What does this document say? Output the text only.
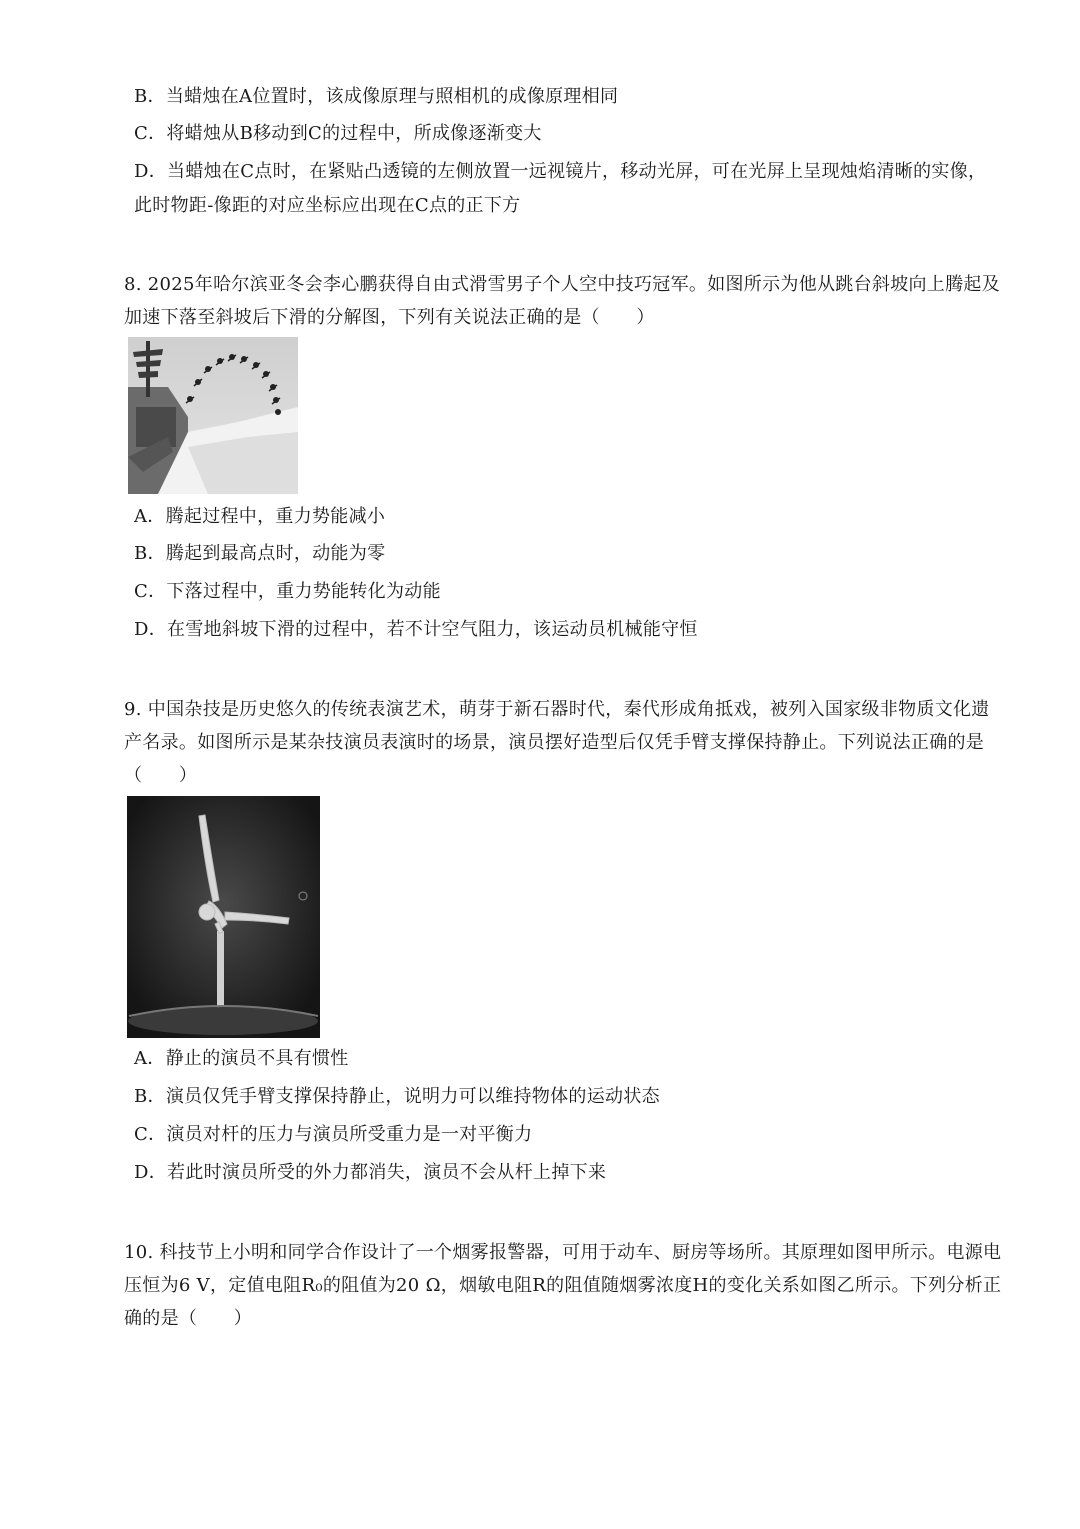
B．当蜡烛在A位置时，该成像原理与照相机的成像原理相同
C．将蜡烛从B移动到C的过程中，所成像逐渐变大
D．当蜡烛在C点时，在紧贴凸透镜的左侧放置一远视镜片，移动光屏，可在光屏上呈现烛焰清晰的实像，
此时物距-像距的对应坐标应出现在C点的正下方
8. 2025年哈尔滨亚冬会李心鹏获得自由式滑雪男子个人空中技巧冠军。如图所示为他从跳台斜坡向上腾起及
加速下落至斜坡后下滑的分解图，下列有关说法正确的是（　　）
A．腾起过程中，重力势能减小
B．腾起到最高点时，动能为零
C．下落过程中，重力势能转化为动能
D．在雪地斜坡下滑的过程中，若不计空气阻力，该运动员机械能守恒
9. 中国杂技是历史悠久的传统表演艺术，萌芽于新石器时代，秦代形成角抵戏，被列入国家级非物质文化遗
产名录。如图所示是某杂技演员表演时的场景，演员摆好造型后仅凭手臂支撑保持静止。下列说法正确的是
（　　）
A．静止的演员不具有惯性
B．演员仅凭手臂支撑保持静止，说明力可以维持物体的运动状态
C．演员对杆的压力与演员所受重力是一对平衡力
D．若此时演员所受的外力都消失，演员不会从杆上掉下来
10. 科技节上小明和同学合作设计了一个烟雾报警器，可用于动车、厨房等场所。其原理如图甲所示。电源电
压恒为6 V，定值电阻R₀的阻值为20 Ω，烟敏电阻R的阻值随烟雾浓度H的变化关系如图乙所示。下列分析正
确的是（　　）
